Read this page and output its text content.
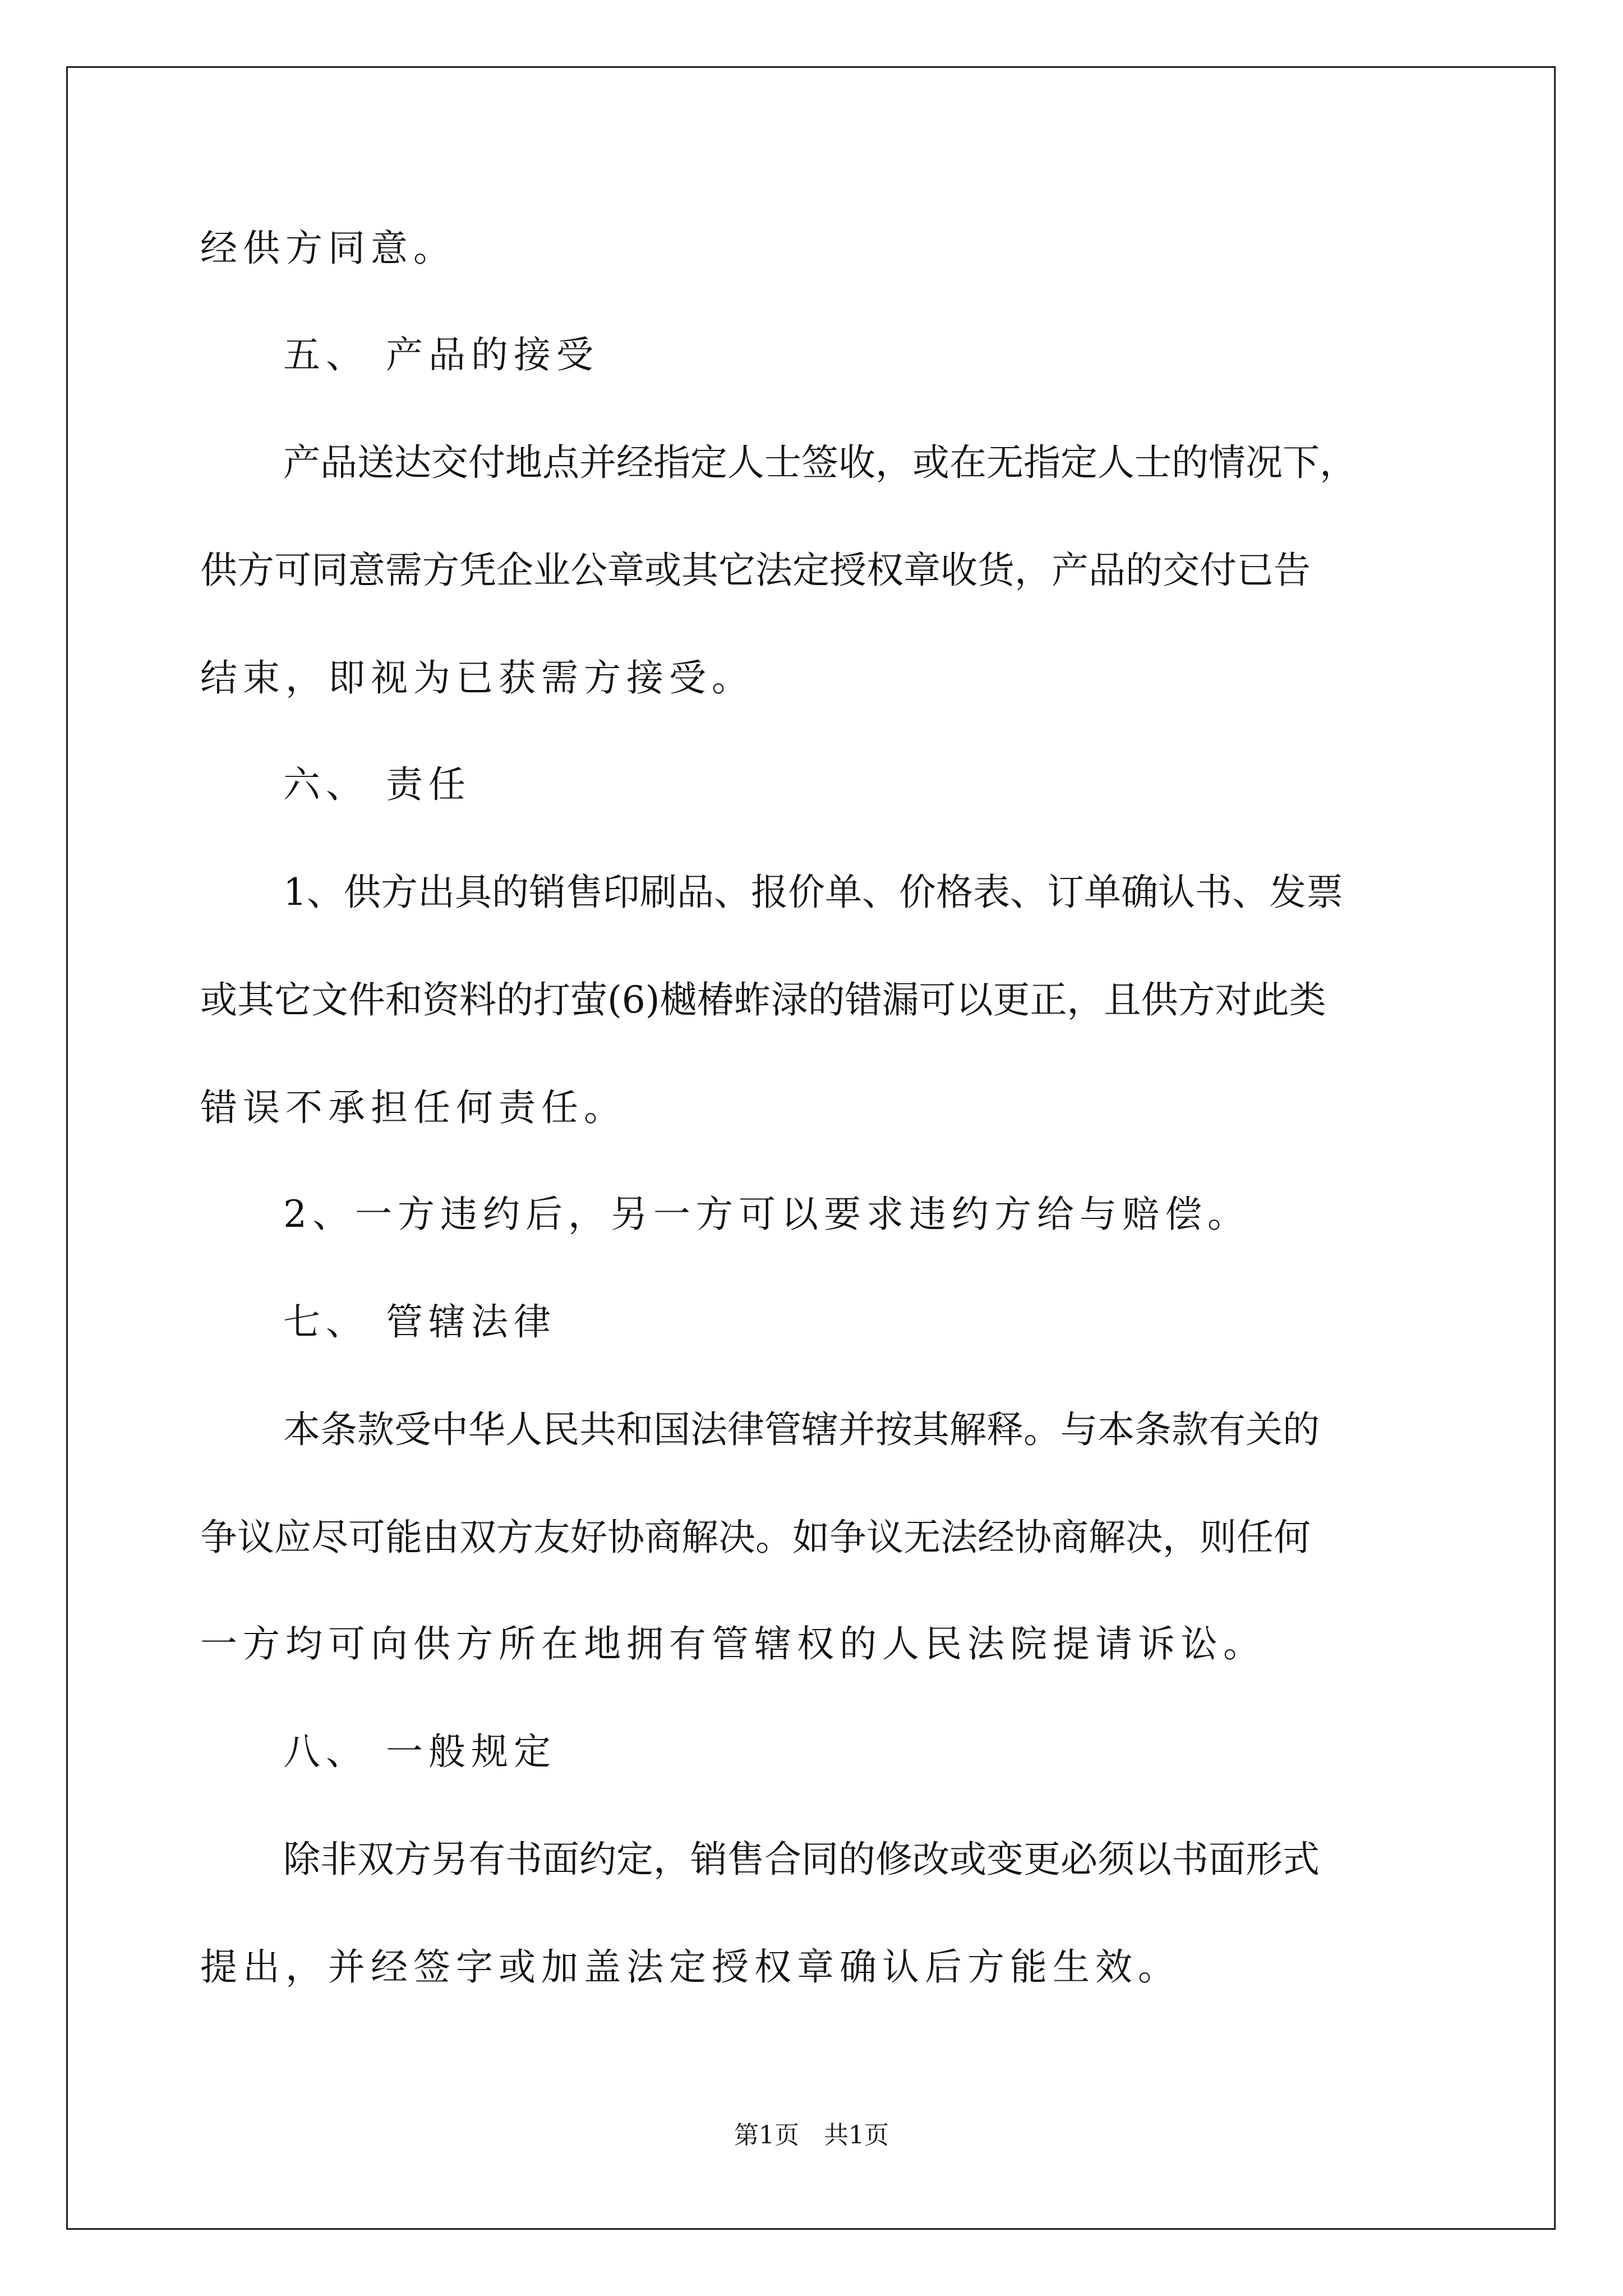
经供方同意。
五、 产品的接受
产品送达交付地点并经指定人士签收，或在无指定人士的情况下，
供方可同意需方凭企业公章或其它法定授权章收货，产品的交付已告
结束，即视为已获需方接受。
六、 责任
1、供方出具的销售印刷品、报价单、价格表、订单确认书、发票
或其它文件和资料的打萤(6)樾椿蚱渌的错漏可以更正，且供方对此类
错误不承担任何责任。
2、一方违约后，另一方可以要求违约方给与赔偿。
七、 管辖法律
本条款受中华人民共和国法律管辖并按其解释。与本条款有关的
争议应尽可能由双方友好协商解决。如争议无法经协商解决，则任何
一方均可向供方所在地拥有管辖权的人民法院提请诉讼。
八、 一般规定
除非双方另有书面约定，销售合同的修改或变更必须以书面形式
提出，并经签字或加盖法定授权章确认后方能生效。
第1页　共1页
